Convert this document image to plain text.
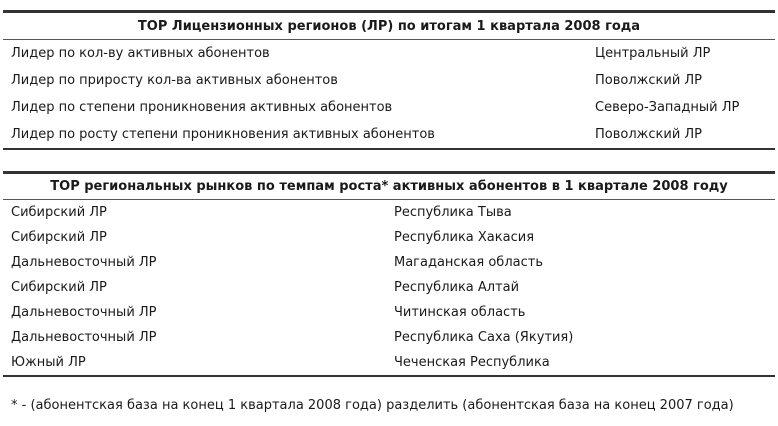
TOP Лицензионных регионов (ЛР) по итогам 1 квартала 2008 года	
Лидер по кол-ву активных абонентов	Центральный ЛР
Лидер по приросту кол-ва активных абонентов	Поволжский ЛР
Лидер по степени проникновения активных абонентов	Северо-Западный ЛР
Лидер по росту степени проникновения активных абонентов	Поволжский ЛР
TOP региональных рынков по темпам роста* активных абонентов в 1 квартале 2008 году	
Сибирский ЛР	Республика Тыва
Сибирский ЛР	Республика Хакасия
Дальневосточный ЛР	Магаданская область
Сибирский ЛР	Республика Алтай
Дальневосточный ЛР	Читинская область
Дальневосточный ЛР	Республика Саха (Якутия)
Южный ЛР	Чеченская Республика
* - (абонентская база на конец 1 квартала 2008 года) разделить (абонентская база на конец 2007 года)
